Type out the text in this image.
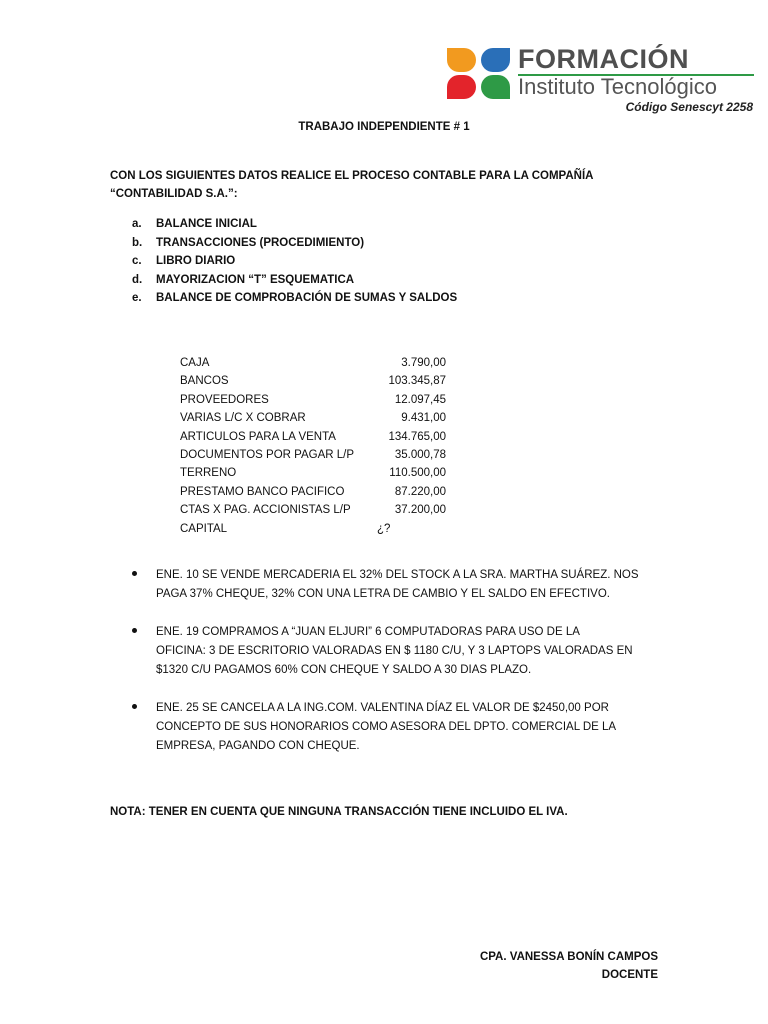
FORMACIÓN
Instituto Tecnológico
Código Senescyt 2258
TRABAJO INDEPENDIENTE # 1
CON LOS SIGUIENTES DATOS REALICE EL PROCESO CONTABLE PARA LA COMPAÑÍA
“CONTABILIDAD S.A.”:
a. BALANCE INICIAL
b. TRANSACCIONES (PROCEDIMIENTO)
c. LIBRO DIARIO
d. MAYORIZACION “T” ESQUEMATICA
e. BALANCE DE COMPROBACIÓN DE SUMAS Y SALDOS
CAJA	3.790,00
BANCOS	103.345,87
PROVEEDORES	12.097,45
VARIAS L/C X COBRAR	9.431,00
ARTICULOS PARA LA VENTA	134.765,00
DOCUMENTOS POR PAGAR L/P	35.000,78
TERRENO	110.500,00
PRESTAMO BANCO PACIFICO	87.220,00
CTAS X PAG. ACCIONISTAS L/P	37.200,00
CAPITAL	¿?
ENE. 10 SE VENDE MERCADERIA EL 32% DEL STOCK A LA SRA. MARTHA SUÁREZ. NOS
PAGA 37% CHEQUE, 32% CON UNA LETRA DE CAMBIO Y EL SALDO EN EFECTIVO.
ENE. 19 COMPRAMOS A “JUAN ELJURI” 6 COMPUTADORAS PARA USO DE LA
OFICINA: 3 DE ESCRITORIO VALORADAS EN $ 1180 C/U, Y 3 LAPTOPS VALORADAS EN
$1320 C/U PAGAMOS 60% CON CHEQUE Y SALDO A 30 DIAS PLAZO.
ENE. 25 SE CANCELA A LA ING.COM. VALENTINA DÍAZ EL VALOR DE $2450,00 POR
CONCEPTO DE SUS HONORARIOS COMO ASESORA DEL DPTO. COMERCIAL DE LA
EMPRESA, PAGANDO CON CHEQUE.
NOTA: TENER EN CUENTA QUE NINGUNA TRANSACCIÓN TIENE INCLUIDO EL IVA.
CPA. VANESSA BONÍN CAMPOS
DOCENTE
